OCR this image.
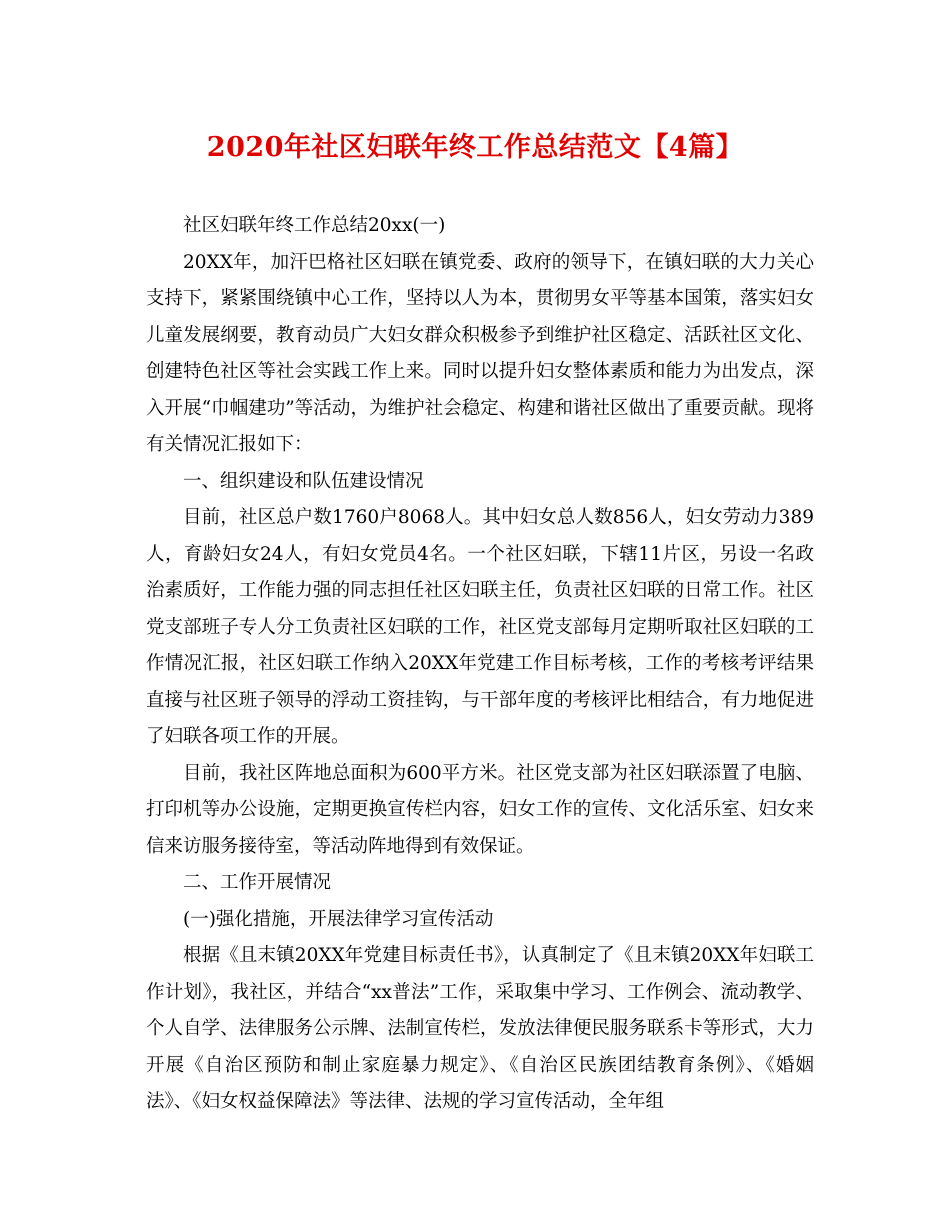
2020年社区妇联年终工作总结范文【4篇】

社区妇联年终工作总结20xx(一)

20XX年，加汗巴格社区妇联在镇党委、政府的领导下，在镇妇联的大力关心支持下，紧紧围绕镇中心工作，坚持以人为本，贯彻男女平等基本国策，落实妇女儿童发展纲要，教育动员广大妇女群众积极参予到维护社区稳定、活跃社区文化、创建特色社区等社会实践工作上来。同时以提升妇女整体素质和能力为出发点，深入开展“巾帼建功”等活动，为维护社会稳定、构建和谐社区做出了重要贡献。现将有关情况汇报如下：

一、组织建设和队伍建设情况

目前，社区总户数1760户8068人。其中妇女总人数856人，妇女劳动力389人，育龄妇女24人，有妇女党员4名。一个社区妇联，下辖11片区，另设一名政治素质好，工作能力强的同志担任社区妇联主任，负责社区妇联的日常工作。社区党支部班子专人分工负责社区妇联的工作，社区党支部每月定期听取社区妇联的工作情况汇报，社区妇联工作纳入20XX年党建工作目标考核，工作的考核考评结果直接与社区班子领导的浮动工资挂钩，与干部年度的考核评比相结合，有力地促进了妇联各项工作的开展。

目前，我社区阵地总面积为600平方米。社区党支部为社区妇联添置了电脑、打印机等办公设施，定期更换宣传栏内容，妇女工作的宣传、文化活乐室、妇女来信来访服务接待室，等活动阵地得到有效保证。

二、工作开展情况

(一)强化措施，开展法律学习宣传活动

根据《且末镇20XX年党建目标责任书》，认真制定了《且末镇20XX年妇联工作计划》，我社区，并结合“xx普法”工作，采取集中学习、工作例会、流动教学、个人自学、法律服务公示牌、法制宣传栏，发放法律便民服务联系卡等形式，大力开展《自治区预防和制止家庭暴力规定》、《自治区民族团结教育条例》、《婚姻法》、《妇女权益保障法》等法律、法规的学习宣传活动，全年组
